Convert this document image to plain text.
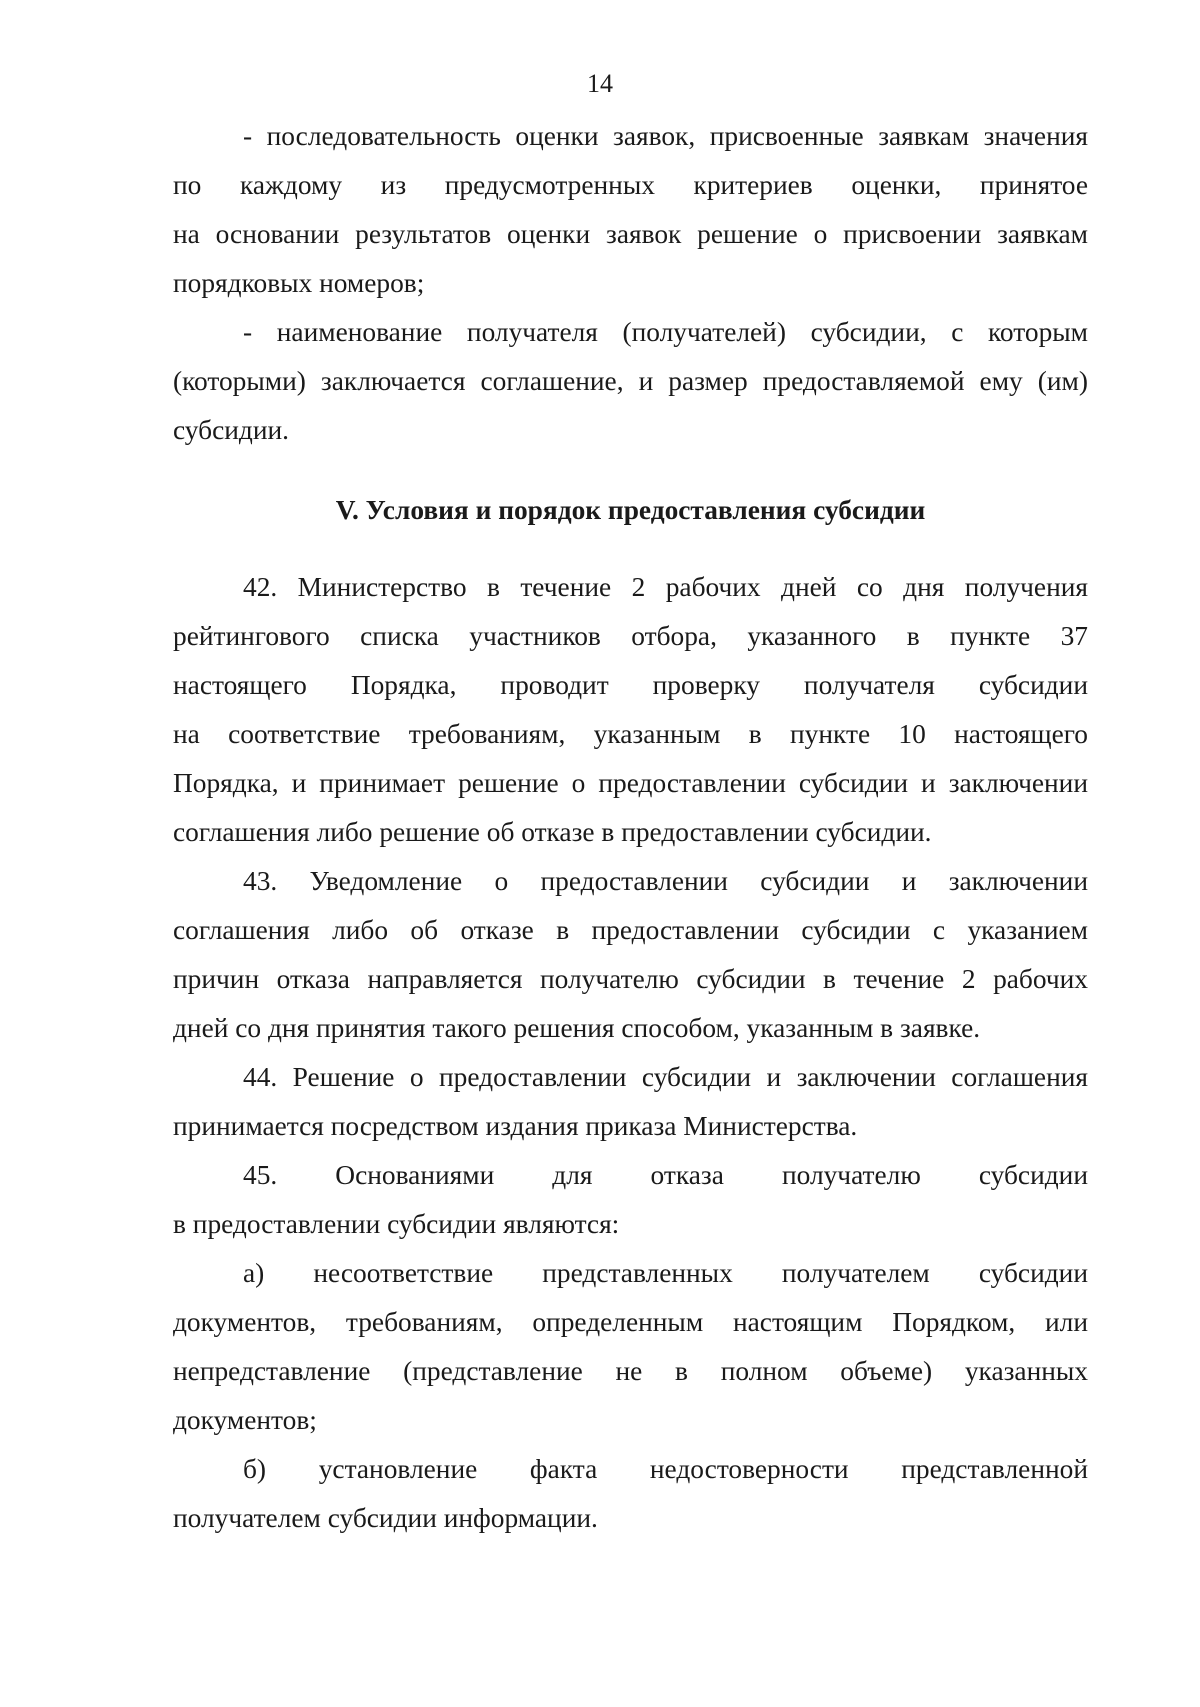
14
- последовательность оценки заявок, присвоенные заявкам значения
по каждому из предусмотренных критериев оценки, принятое
на основании результатов оценки заявок решение о присвоении заявкам
порядковых номеров;
- наименование получателя (получателей) субсидии, с которым
(которыми) заключается соглашение, и размер предоставляемой ему (им)
субсидии.

V. Условия и порядок предоставления субсидии

42. Министерство в течение 2 рабочих дней со дня получения
рейтингового списка участников отбора, указанного в пункте 37
настоящего Порядка, проводит проверку получателя субсидии
на соответствие требованиям, указанным в пункте 10 настоящего
Порядка, и принимает решение о предоставлении субсидии и заключении
соглашения либо решение об отказе в предоставлении субсидии.
43. Уведомление о предоставлении субсидии и заключении
соглашения либо об отказе в предоставлении субсидии с указанием
причин отказа направляется получателю субсидии в течение 2 рабочих
дней со дня принятия такого решения способом, указанным в заявке.
44. Решение о предоставлении субсидии и заключении соглашения
принимается посредством издания приказа Министерства.
45. Основаниями для отказа получателю субсидии
в предоставлении субсидии являются:
а) несоответствие представленных получателем субсидии
документов, требованиям, определенным настоящим Порядком, или
непредставление (представление не в полном объеме) указанных
документов;
б) установление факта недостоверности представленной
получателем субсидии информации.
